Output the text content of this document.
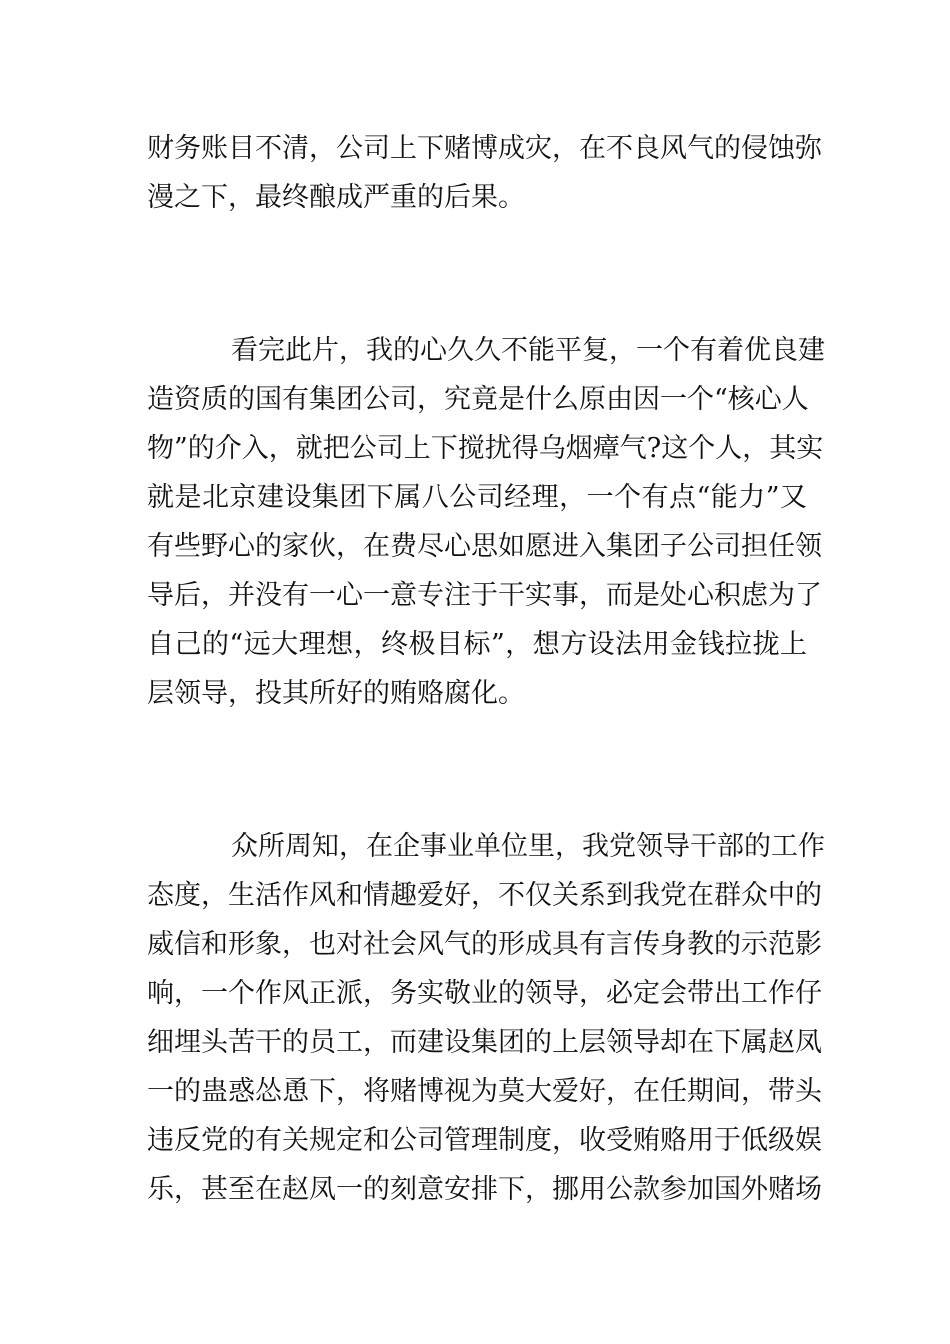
财务账目不清，公司上下赌博成灾，在不良风气的侵蚀弥
漫之下，最终酿成严重的后果。
看完此片，我的心久久不能平复，一个有着优良建
造资质的国有集团公司，究竟是什么原由因一个“核心人
物”的介入，就把公司上下搅扰得乌烟瘴气?这个人，其实
就是北京建设集团下属八公司经理，一个有点“能力”又
有些野心的家伙，在费尽心思如愿进入集团子公司担任领
导后，并没有一心一意专注于干实事，而是处心积虑为了
自己的“远大理想，终极目标”，想方设法用金钱拉拢上
层领导，投其所好的贿赂腐化。
众所周知，在企事业单位里，我党领导干部的工作
态度，生活作风和情趣爱好，不仅关系到我党在群众中的
威信和形象，也对社会风气的形成具有言传身教的示范影
响，一个作风正派，务实敬业的领导，必定会带出工作仔
细埋头苦干的员工，而建设集团的上层领导却在下属赵凤
一的蛊惑怂恿下，将赌博视为莫大爱好，在任期间，带头
违反党的有关规定和公司管理制度，收受贿赂用于低级娱
乐，甚至在赵凤一的刻意安排下，挪用公款参加国外赌场
